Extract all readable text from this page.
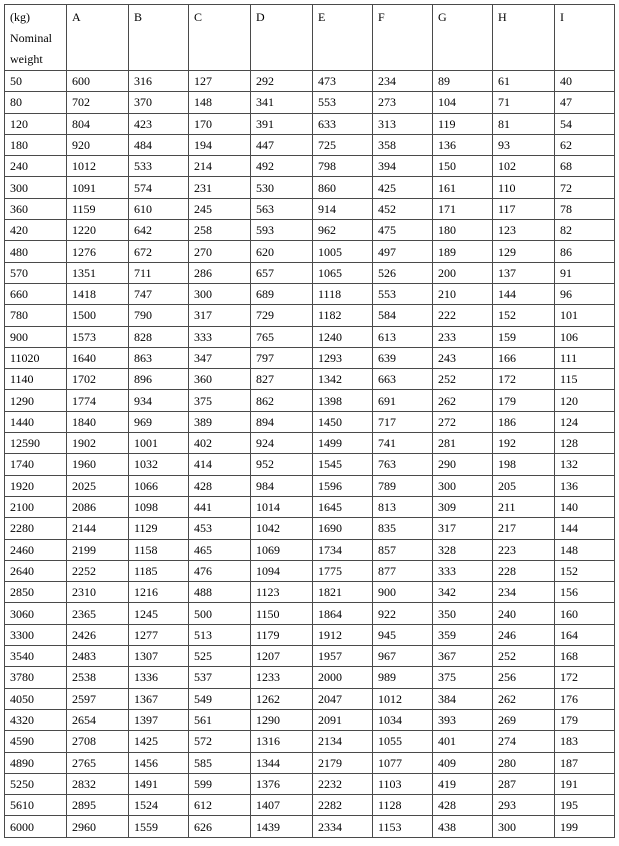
(kg)
Nominal
weight	A	B	C	D	E	F	G	H	I
50	600	316	127	292	473	234	89	61	40
80	702	370	148	341	553	273	104	71	47
120	804	423	170	391	633	313	119	81	54
180	920	484	194	447	725	358	136	93	62
240	1012	533	214	492	798	394	150	102	68
300	1091	574	231	530	860	425	161	110	72
360	1159	610	245	563	914	452	171	117	78
420	1220	642	258	593	962	475	180	123	82
480	1276	672	270	620	1005	497	189	129	86
570	1351	711	286	657	1065	526	200	137	91
660	1418	747	300	689	1118	553	210	144	96
780	1500	790	317	729	1182	584	222	152	101
900	1573	828	333	765	1240	613	233	159	106
11020	1640	863	347	797	1293	639	243	166	111
1140	1702	896	360	827	1342	663	252	172	115
1290	1774	934	375	862	1398	691	262	179	120
1440	1840	969	389	894	1450	717	272	186	124
12590	1902	1001	402	924	1499	741	281	192	128
1740	1960	1032	414	952	1545	763	290	198	132
1920	2025	1066	428	984	1596	789	300	205	136
2100	2086	1098	441	1014	1645	813	309	211	140
2280	2144	1129	453	1042	1690	835	317	217	144
2460	2199	1158	465	1069	1734	857	328	223	148
2640	2252	1185	476	1094	1775	877	333	228	152
2850	2310	1216	488	1123	1821	900	342	234	156
3060	2365	1245	500	1150	1864	922	350	240	160
3300	2426	1277	513	1179	1912	945	359	246	164
3540	2483	1307	525	1207	1957	967	367	252	168
3780	2538	1336	537	1233	2000	989	375	256	172
4050	2597	1367	549	1262	2047	1012	384	262	176
4320	2654	1397	561	1290	2091	1034	393	269	179
4590	2708	1425	572	1316	2134	1055	401	274	183
4890	2765	1456	585	1344	2179	1077	409	280	187
5250	2832	1491	599	1376	2232	1103	419	287	191
5610	2895	1524	612	1407	2282	1128	428	293	195
6000	2960	1559	626	1439	2334	1153	438	300	199
